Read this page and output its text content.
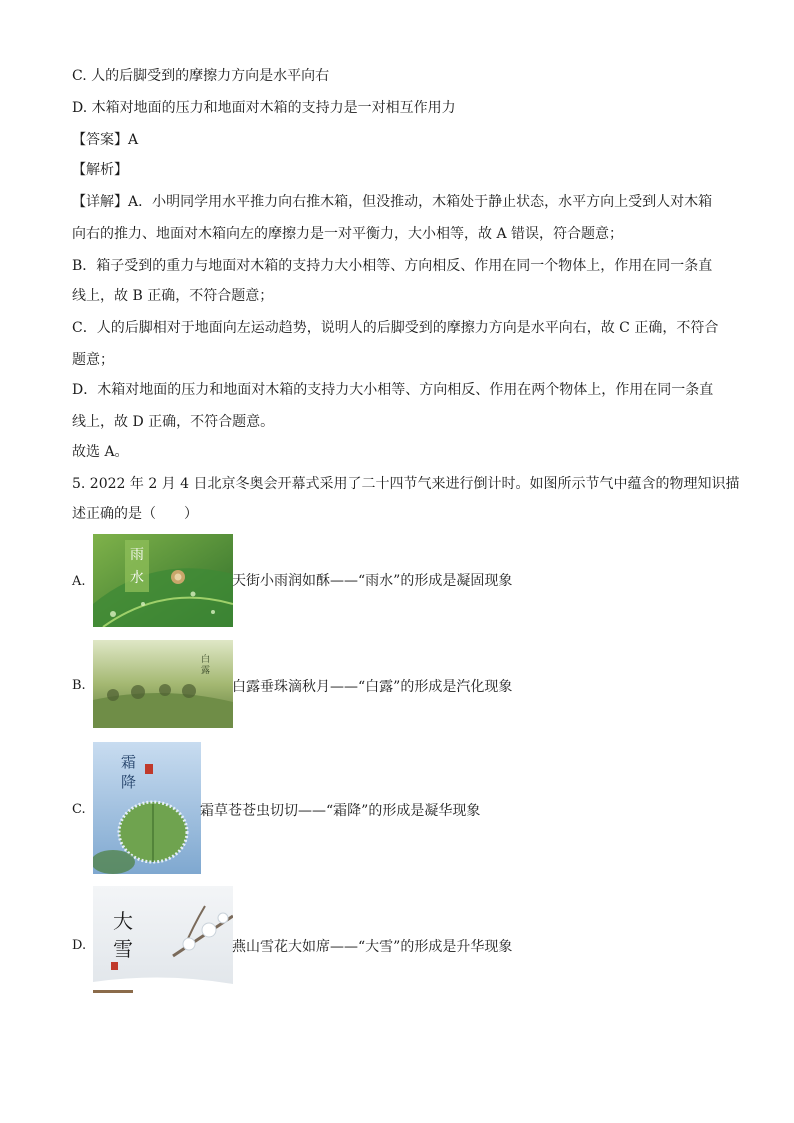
C. 人的后脚受到的摩擦力方向是水平向右
D. 木箱对地面的压力和地面对木箱的支持力是一对相互作用力
【答案】A
【解析】
【详解】A．小明同学用水平推力向右推木箱，但没推动，木箱处于静止状态，水平方向上受到人对木箱
向右的推力、地面对木箱向左的摩擦力是一对平衡力，大小相等，故 A 错误，符合题意；
B．箱子受到的重力与地面对木箱的支持力大小相等、方向相反、作用在同一个物体上，作用在同一条直
线上，故 B 正确，不符合题意；
C．人的后脚相对于地面向左运动趋势，说明人的后脚受到的摩擦力方向是水平向右，故 C 正确，不符合
题意；
D．木箱对地面的压力和地面对木箱的支持力大小相等、方向相反、作用在两个物体上，作用在同一条直
线上，故 D 正确，不符合题意。
故选 A。
5. 2022 年 2 月 4 日北京冬奥会开幕式采用了二十四节气来进行倒计时。如图所示节气中蕴含的物理知识描
述正确的是（　　）
A.
雨
水	天街小雨润如酥——“雨水”的形成是凝固现象
B.
白
露
白露垂珠滴秋月——“白露”的形成是汽化现象
C.
霜
降
霜草苍苍虫切切——“霜降”的形成是凝华现象
D.
大
雪	燕山雪花大如席——“大雪”的形成是升华现象
